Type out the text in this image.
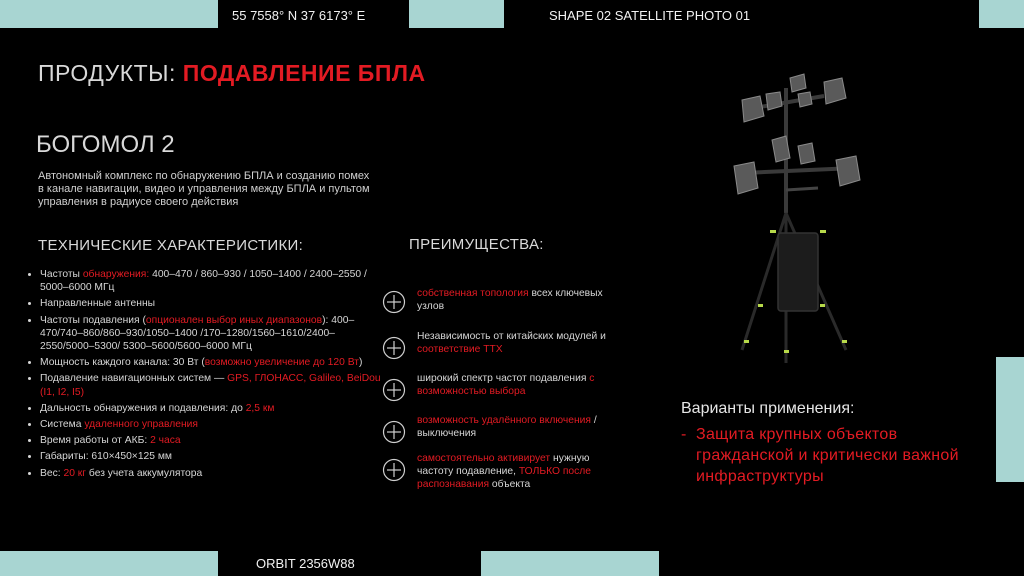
55 7558° N 37 6173° E	SHAPE 02 SATELLITE PHOTO 01
ORBIT 2356W88
ПРОДУКТЫ: ПОДАВЛЕНИЕ БПЛА
БОГОМОЛ 2
Автономный комплекс по обнаружению БПЛА и созданию помех в канале навигации, видео и управления между БПЛА и пультом управления в радиусе своего действия
ТЕХНИЧЕСКИЕ ХАРАКТЕРИСТИКИ:
• Частоты обнаружения: 400–470 / 860–930 / 1050–1400 / 2400–2550 / 5000–6000 МГц
• Направленные антенны
• Частоты подавления (опционален выбор иных диапазонов): 400–470/740–860/860–930/1050–1400 /170–1280/1560–1610/2400–2550/5000–5300/ 5300–5600/5600–6000 МГц
• Мощность каждого канала: 30 Вт (возможно увеличение до 120 Вт)
• Подавление навигационных систем — GPS, ГЛОНАСС, Galileo, BeiDou (I1, I2, I5)
• Дальность обнаружения и подавления: до 2,5 км
• Система удаленного управления
• Время работы от АКБ: 2 часа
• Габариты: 610×450×125 мм
• Вес: 20 кг без учета аккумулятора
ПРЕИМУЩЕСТВА:
собственная топология всех ключевых узлов
Независимость от китайских модулей и соответствие ТТХ
широкий спектр частот подавления с возможностью выбора
возможность удалённого включения / выключения
самостоятельно активирует нужную частоту подавление, ТОЛЬКО после распознавания объекта
Варианты применения:
- Защита крупных объектов гражданской и критически важной инфраструктуры
